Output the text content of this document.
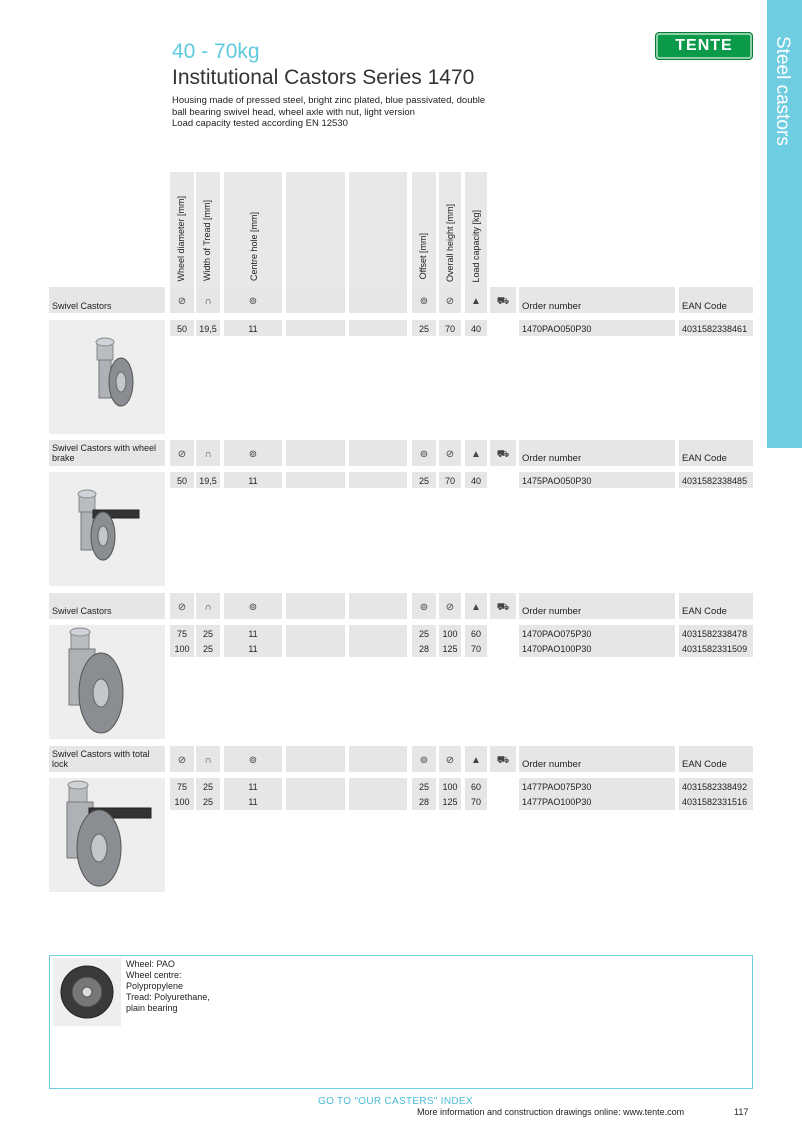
40 - 70kg
Institutional Castors Series 1470
Housing made of pressed steel, bright zinc plated, blue passivated, double ball bearing swivel head, wheel axle with nut, light version
Load capacity tested according EN 12530
TENTE	Steel castors
Wheel diameter [mm] Width of Tread [mm]	Centre hole [mm]	Offset [mm] Overall height [mm] Load capacity [kg]
Swivel Castors	⊘	∩	⊚	⊚	⊘	▲	⛟	Order number	EAN Code
50	19,5	11	25	70	40	1470PAO050P30	4031582338461
Swivel Castors with wheel brake	⊘	∩	⊚	⊚	⊘	▲	⛟	Order number	EAN Code
50	19,5	11	25	70	40	1475PAO050P30	4031582338485
Swivel Castors	⊘	∩	⊚	⊚	⊘	▲	⛟	Order number	EAN Code
75	25	11	25	100	60	1470PAO075P30	4031582338478
100	25	11	28	125	70	1470PAO100P30	4031582331509
Swivel Castors with total lock	⊘	∩	⊚	⊚	⊘	▲	⛟	Order number	EAN Code
75	25	11	25	100	60	1477PAO075P30	4031582338492
100	25	11	28	125	70	1477PAO100P30	4031582331516
Wheel: PAO
Wheel centre:
Polypropylene
Tread: Polyurethane,
plain bearing
GO TO "OUR CASTERS" INDEX
More information and construction drawings online: www.tente.com	117
